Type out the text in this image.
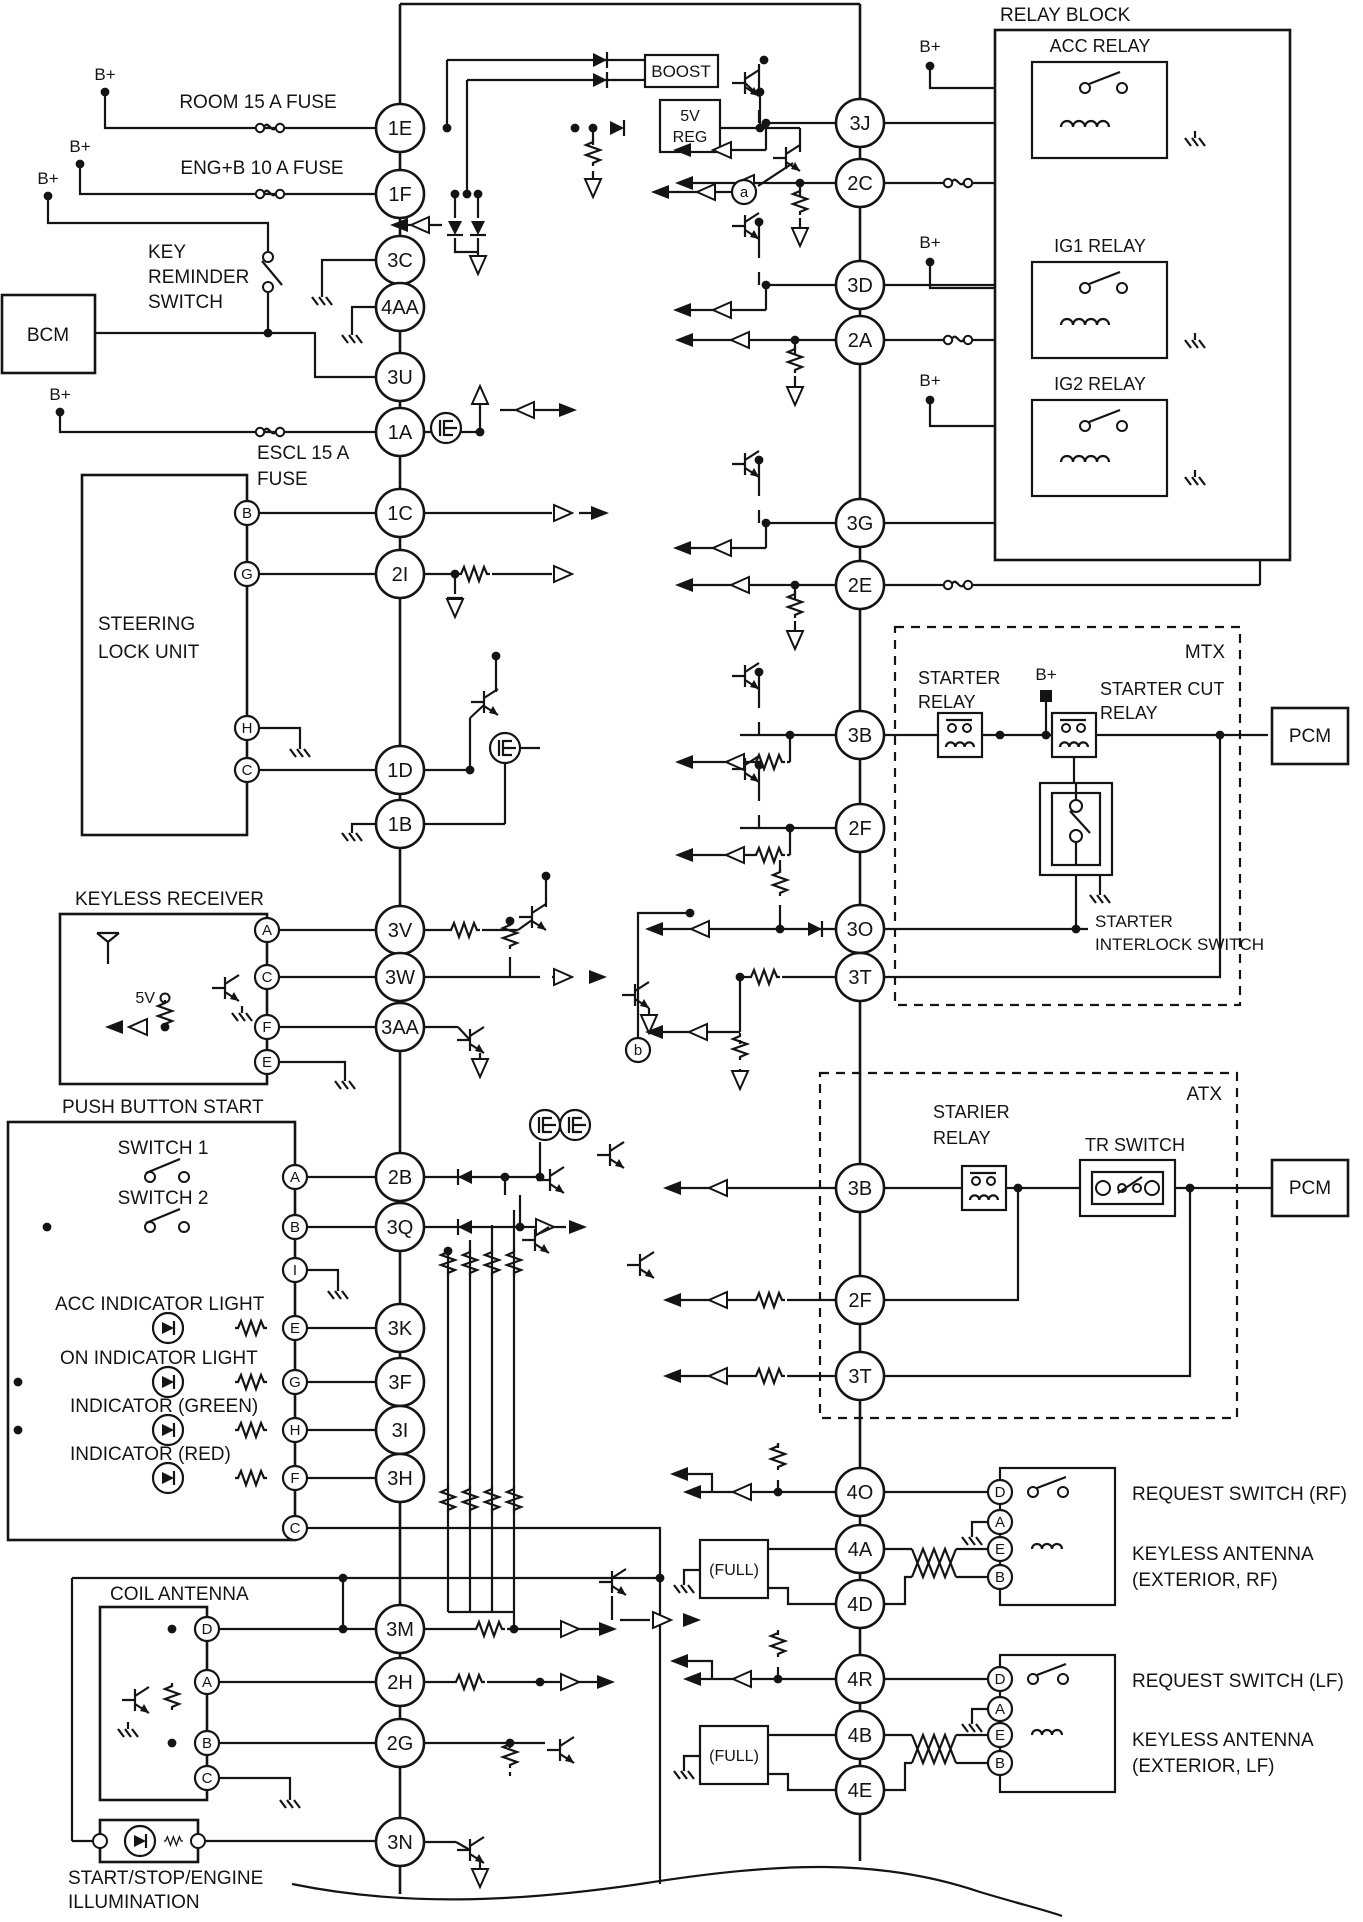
B
G
H
C
A
C
F
E
A
B
I
E
G
H
F
C
D
A
B
C
D
A
E
B
D
A
E
B
1E
1F
3C
4AA
3U
1A
1C
2I
1D
1B
3V
3W
3AA
2B
3Q
3K
3F
3I
3H
3M
2H
2G
3N
3J
2C
3D
2A
3G
2E
3B
2F
3O
3T
3B
2F
3T
4O
4A
4D
4R
4B
4E
a
b
B+
B+
B+
B+
ROOM 15 A FUSE
ENG+B 10 A FUSE
KEY
REMINDER
SWITCH
BCM
ESCL 15 A
FUSE
STEERING
LOCK UNIT
KEYLESS RECEIVER
5V
PUSH BUTTON START
SWITCH 1
SWITCH 2
ACC INDICATOR LIGHT
ON INDICATOR LIGHT
INDICATOR (GREEN)
INDICATOR (RED)
COIL ANTENNA
START/STOP/ENGINE
ILLUMINATION
BOOST
5V
REG
RELAY BLOCK
ACC RELAY
IG1 RELAY
IG2 RELAY
B+
B+
B+
MTX
STARTER
RELAY
B+
STARTER CUT
RELAY
STARTER
INTERLOCK SWITCH
PCM
ATX
STARIER
RELAY	TR SWITCH
PCM
(FULL)
(FULL)
REQUEST SWITCH (RF)
KEYLESS ANTENNA
(EXTERIOR, RF)
REQUEST SWITCH (LF)
KEYLESS ANTENNA
(EXTERIOR, LF)
